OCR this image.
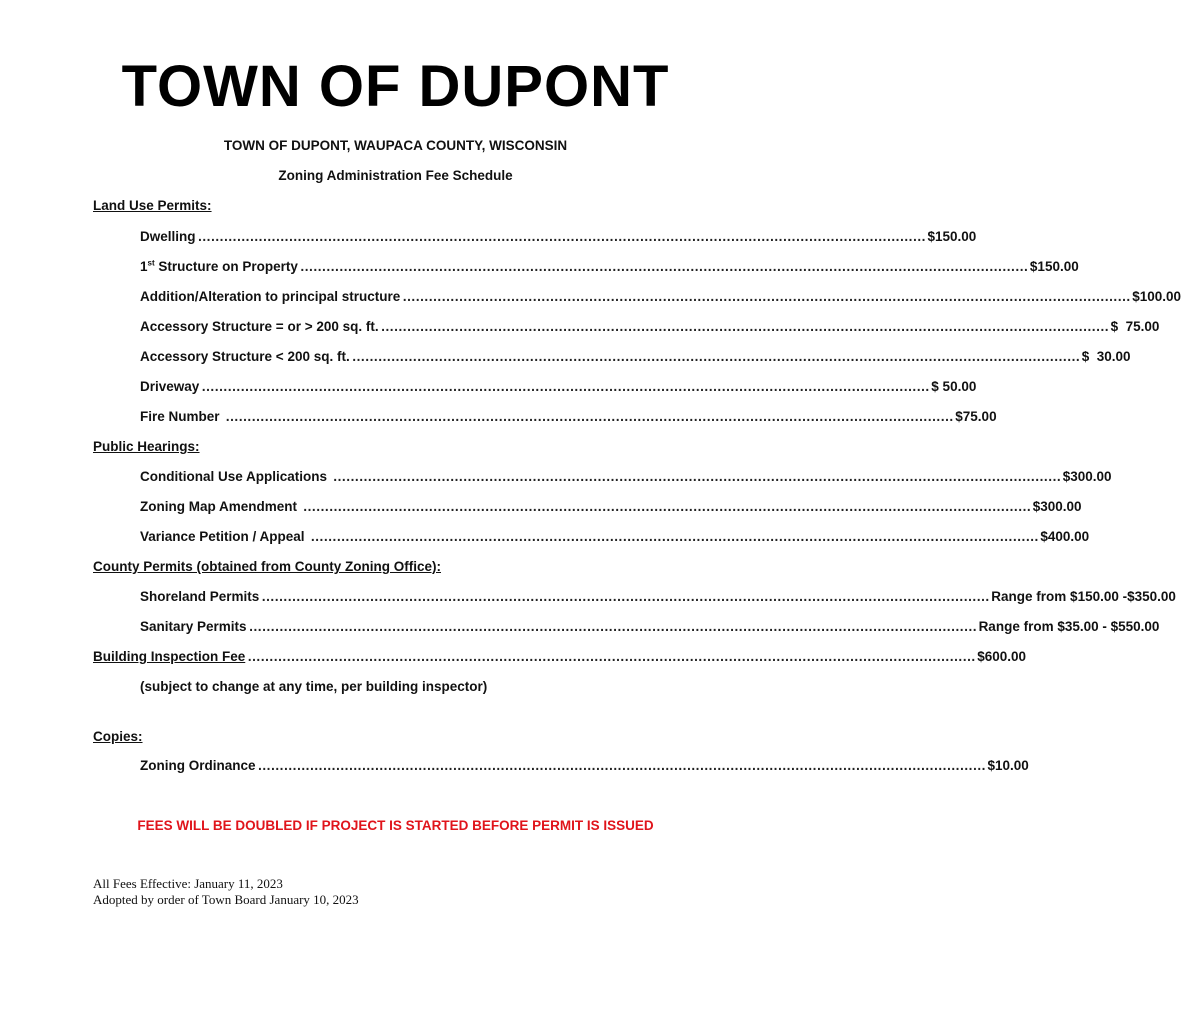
TOWN OF DUPONT
TOWN OF DUPONT, WAUPACA COUNTY, WISCONSIN
Zoning Administration Fee Schedule
Land Use Permits:
Dwelling …………………………………………………………………………………………………………………………………………………… $150.00
1st Structure on Property …………………………………………………………………………………………………………………………………………………… $150.00
Addition/Alteration to principal structure …………………………………………………………………………………………………………………………………………………… $100.00
Accessory Structure = or > 200 sq. ft. …………………………………………………………………………………………………………………………………………………… $  75.00
Accessory Structure < 200 sq. ft. …………………………………………………………………………………………………………………………………………………… $  30.00
Driveway …………………………………………………………………………………………………………………………………………………… $ 50.00
Fire Number …………………………………………………………………………………………………………………………………………………… $75.00
Public Hearings:
Conditional Use Applications …………………………………………………………………………………………………………………………………………………… $300.00
Zoning Map Amendment …………………………………………………………………………………………………………………………………………………… $300.00
Variance Petition / Appeal …………………………………………………………………………………………………………………………………………………… $400.00
County Permits (obtained from County Zoning Office):
Shoreland Permits …………………………………………………………………………………………………………………………………………………… Range from $150.00 -$350.00
Sanitary Permits …………………………………………………………………………………………………………………………………………………… Range from $35.00 - $550.00
Building Inspection Fee …………………………………………………………………………………………………………………………………………………… $600.00
(subject to change at any time, per building inspector)
Copies:
Zoning Ordinance …………………………………………………………………………………………………………………………………………………… $10.00
FEES WILL BE DOUBLED IF PROJECT IS STARTED BEFORE PERMIT IS ISSUED
All Fees Effective: January 11, 2023
Adopted by order of Town Board January 10, 2023
